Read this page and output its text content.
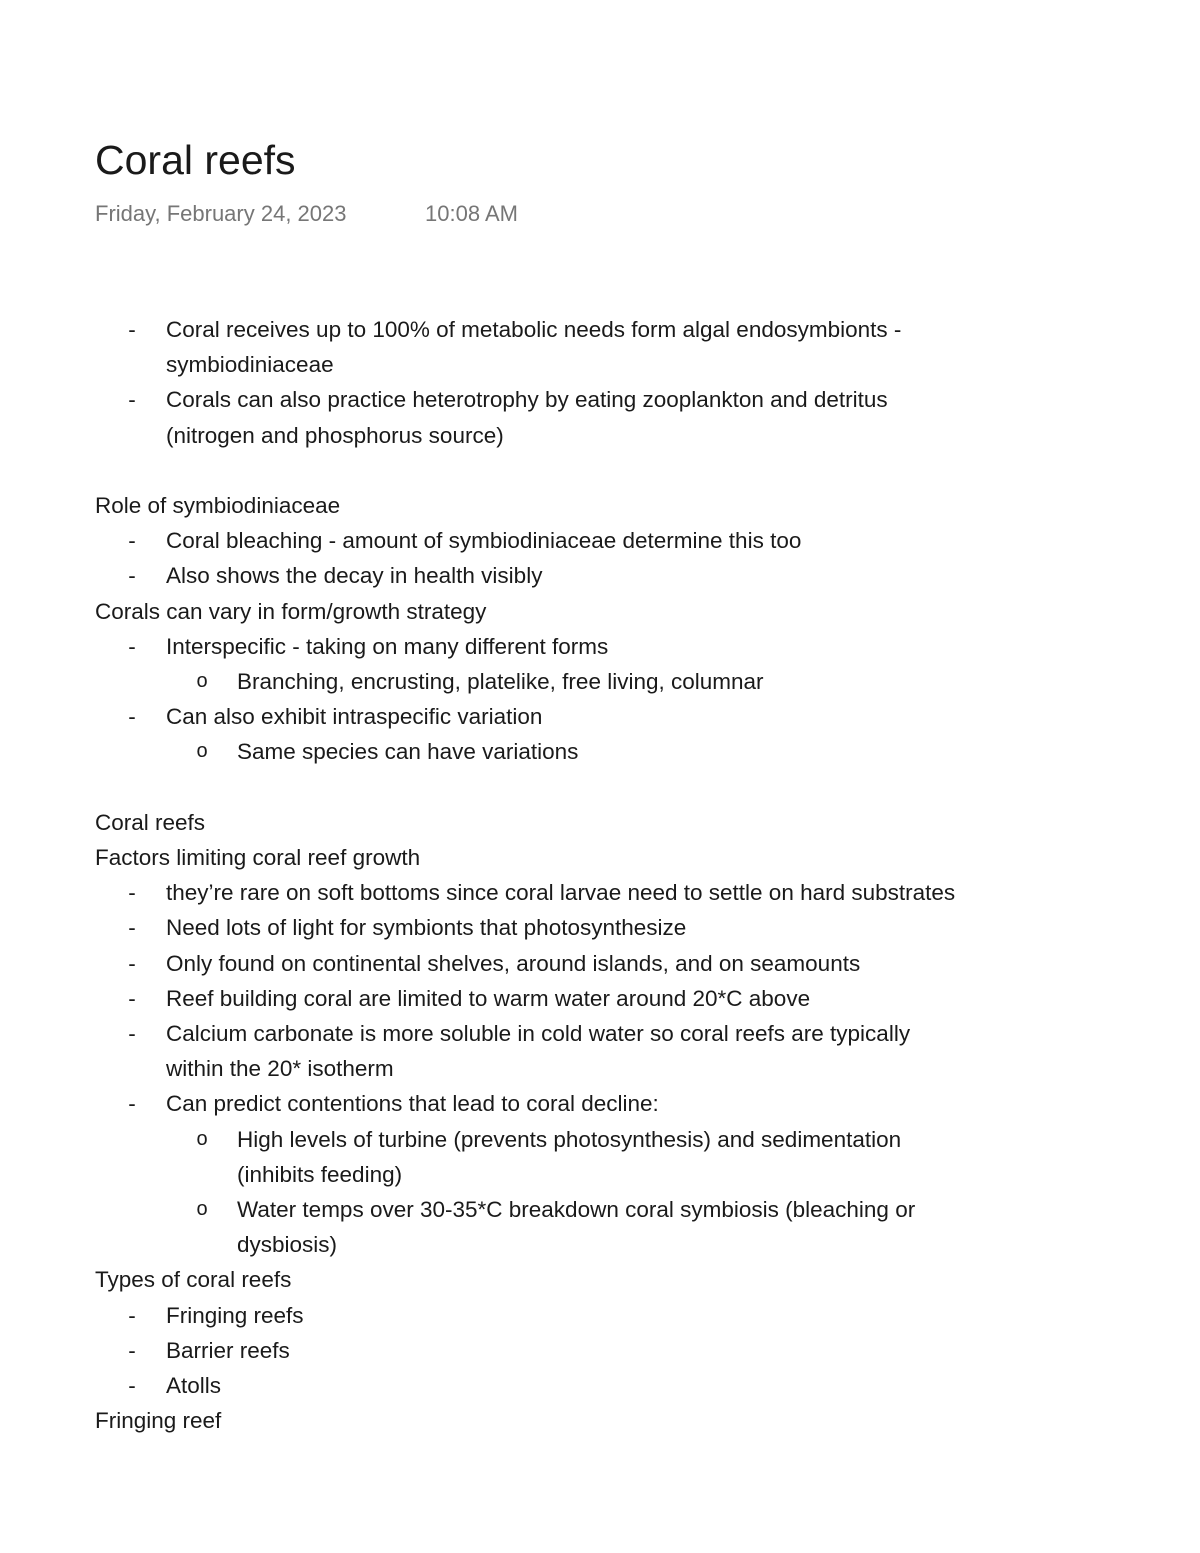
Coral reefs
Friday, February 24, 2023	10:08 AM
- Coral receives up to 100% of metabolic needs form algal endosymbionts -
symbiodiniaceae
- Corals can also practice heterotrophy by eating zooplankton and detritus
(nitrogen and phosphorus source)
Role of symbiodiniaceae
- Coral bleaching - amount of symbiodiniaceae determine this too
- Also shows the decay in health visibly
Corals can vary in form/growth strategy
- Interspecific - taking on many different forms
o Branching, encrusting, platelike, free living, columnar
- Can also exhibit intraspecific variation
o Same species can have variations
Coral reefs
Factors limiting coral reef growth
- they’re rare on soft bottoms since coral larvae need to settle on hard substrates
- Need lots of light for symbionts that photosynthesize
- Only found on continental shelves, around islands, and on seamounts
- Reef building coral are limited to warm water around 20*C above
- Calcium carbonate is more soluble in cold water so coral reefs are typically
within the 20* isotherm
- Can predict contentions that lead to coral decline:
o High levels of turbine (prevents photosynthesis) and sedimentation
(inhibits feeding)
o Water temps over 30-35*C breakdown coral symbiosis (bleaching or
dysbiosis)
Types of coral reefs
- Fringing reefs
- Barrier reefs
- Atolls
Fringing reef
